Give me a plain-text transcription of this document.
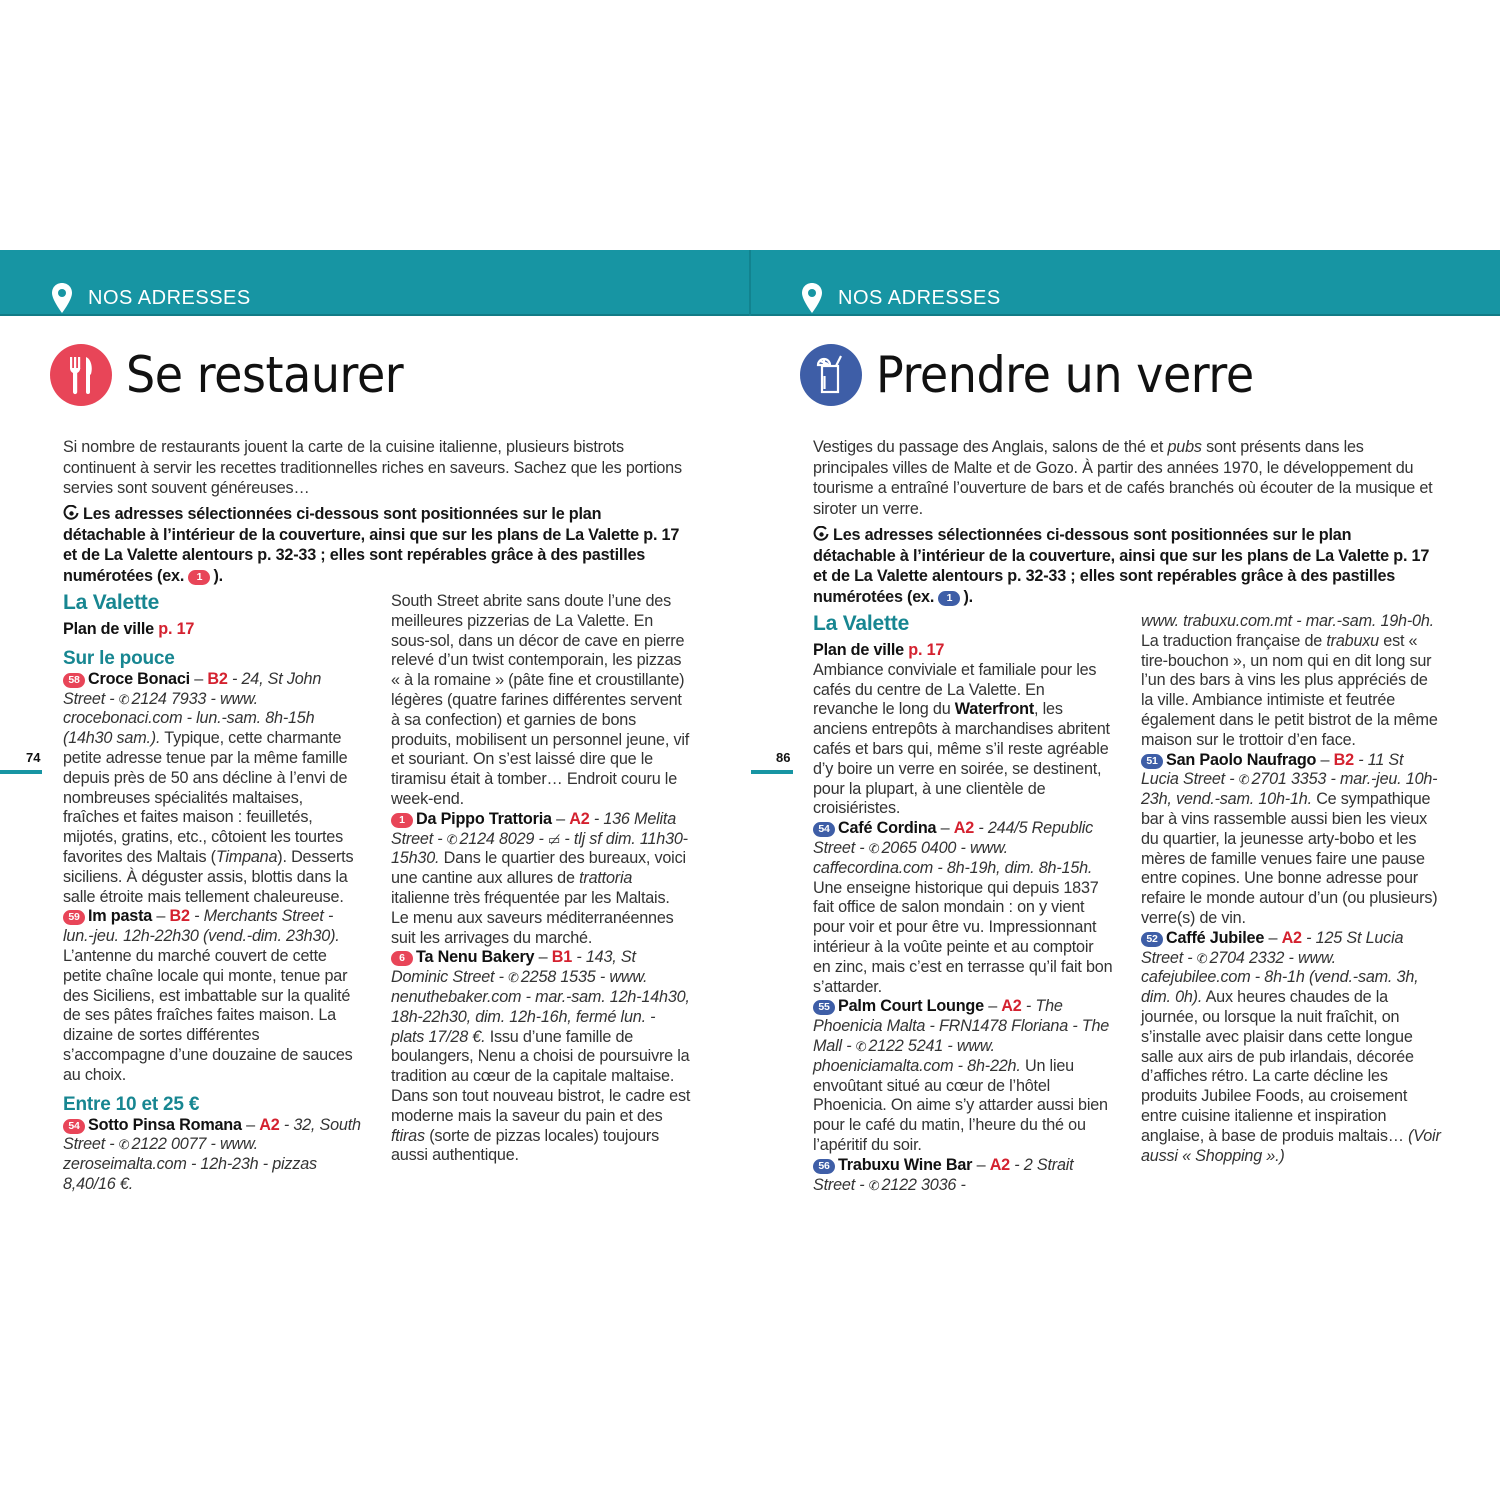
NOS ADRESSES	NOS ADRESSES
Se restaurer

Si nombre de restaurants jouent la carte de la cuisine italienne, plusieurs bistrots continuent à servir les recettes traditionnelles riches en saveurs. Sachez que les portions servies sont souvent généreuses…

Les adresses sélectionnées ci-dessous sont positionnées sur le plan détachable à l’intérieur de la couverture, ainsi que sur les plans de La Valette p. 17 et de La Valette alentours p. 32-33 ; elles sont repérables grâce à des pastilles numérotées (ex. 1 ).

La Valette
Plan de ville p. 17
Sur le pouce

58 Croce Bonaci – B2 - 24, St John Street - ✆ 2124 7933 - www. crocebonaci.com - lun.-sam. 8h-15h (14h30 sam.). Typique, cette charmante petite adresse tenue par la même famille depuis près de 50 ans décline à l’envi de nombreuses spécialités maltaises, fraîches et faites maison : feuilletés, mijotés, gratins, etc., côtoient les tourtes favorites des Maltais (Timpana). Desserts siciliens. À déguster assis, blottis dans la salle étroite mais tellement chaleureuse.

59 Im pasta – B2 - Merchants Street - lun.-jeu. 12h-22h30 (vend.-dim. 23h30). L’antenne du marché couvert de cette petite chaîne locale qui monte, tenue par des Siciliens, est imbattable sur la qualité de ses pâtes fraîches faites maison. La dizaine de sortes différentes s’accompagne d’une douzaine de sauces au choix.

Entre 10 et 25 €

54 Sotto Pinsa Romana – A2 - 32, South Street - ✆ 2122 0077 - www. zeroseimalta.com - 12h-23h - pizzas 8,40/16 €.

South Street abrite sans doute l’une des meilleures pizzerias de La Valette. En sous-sol, dans un décor de cave en pierre relevé d’un twist contemporain, les pizzas « à la romaine » (pâte fine et croustillante) légères (quatre farines différentes servent à sa confection) et garnies de bons produits, mobilisent un personnel jeune, vif et souriant. On s’est laissé dire que le tiramisu était à tomber… Endroit couru le week-end.

1 Da Pippo Trattoria – A2 - 136 Melita Street - ✆ 2124 8029 - ▭̸ - tlj sf dim. 11h30-15h30. Dans le quartier des bureaux, voici une cantine aux allures de trattoria italienne très fréquentée par les Maltais. Le menu aux saveurs méditerranéennes suit les arrivages du marché.

6 Ta Nenu Bakery – B1 - 143, St Dominic Street - ✆ 2258 1535 - www. nenuthebaker.com - mar.-sam. 12h-14h30, 18h-22h30, dim. 12h-16h, fermé lun. - plats 17/28 €. Issu d’une famille de boulangers, Nenu a choisi de poursuivre la tradition au cœur de la capitale maltaise. Dans son tout nouveau bistrot, le cadre est moderne mais la saveur du pain et des ftiras (sorte de pizzas locales) toujours aussi authentique.

74
Prendre un verre

Vestiges du passage des Anglais, salons de thé et pubs sont présents dans les principales villes de Malte et de Gozo. À partir des années 1970, le développement du tourisme a entraîné l’ouverture de bars et de cafés branchés où écouter de la musique et siroter un verre.

Les adresses sélectionnées ci-dessous sont positionnées sur le plan détachable à l’intérieur de la couverture, ainsi que sur les plans de La Valette p. 17 et de La Valette alentours p. 32-33 ; elles sont repérables grâce à des pastilles numérotées (ex. 1 ).

La Valette
Plan de ville p. 17

Ambiance conviviale et familiale pour les cafés du centre de La Valette. En revanche le long du Waterfront, les anciens entrepôts à marchandises abritent cafés et bars qui, même s’il reste agréable d’y boire un verre en soirée, se destinent, pour la plupart, à une clientèle de croisiéristes.

54 Café Cordina – A2 - 244/5 Republic Street - ✆ 2065 0400 - www. caffecordina.com - 8h-19h, dim. 8h-15h. Une enseigne historique qui depuis 1837 fait office de salon mondain : on y vient pour voir et pour être vu. Impressionnant intérieur à la voûte peinte et au comptoir en zinc, mais c’est en terrasse qu’il fait bon s’attarder.

55 Palm Court Lounge – A2 - The Phoenicia Malta - FRN1478 Floriana - The Mall - ✆ 2122 5241 - www. phoeniciamalta.com - 8h-22h. Un lieu envoûtant situé au cœur de l’hôtel Phoenicia. On aime s’y attarder aussi bien pour le café du matin, l’heure du thé ou l’apéritif du soir.

56 Trabuxu Wine Bar – A2 - 2 Strait Street - ✆ 2122 3036 -

www. trabuxu.com.mt - mar.-sam. 19h-0h. La traduction française de trabuxu est « tire-bouchon », un nom qui en dit long sur l’un des bars à vins les plus appréciés de la ville. Ambiance intimiste et feutrée également dans le petit bistrot de la même maison sur le trottoir d’en face.

51 San Paolo Naufrago – B2 - 11 St Lucia Street - ✆ 2701 3353 - mar.-jeu. 10h-23h, vend.-sam. 10h-1h. Ce sympathique bar à vins rassemble aussi bien les vieux du quartier, la jeunesse arty-bobo et les mères de famille venues faire une pause entre copines. Une bonne adresse pour refaire le monde autour d’un (ou plusieurs) verre(s) de vin.

52 Caffé Jubilee – A2 - 125 St Lucia Street - ✆ 2704 2332 - www. cafejubilee.com - 8h-1h (vend.-sam. 3h, dim. 0h). Aux heures chaudes de la journée, ou lorsque la nuit fraîchit, on s’installe avec plaisir dans cette longue salle aux airs de pub irlandais, décorée d’affiches rétro. La carte décline les produits Jubilee Foods, au croisement entre cuisine italienne et inspiration anglaise, à base de produis maltais… (Voir aussi « Shopping ».)

86
